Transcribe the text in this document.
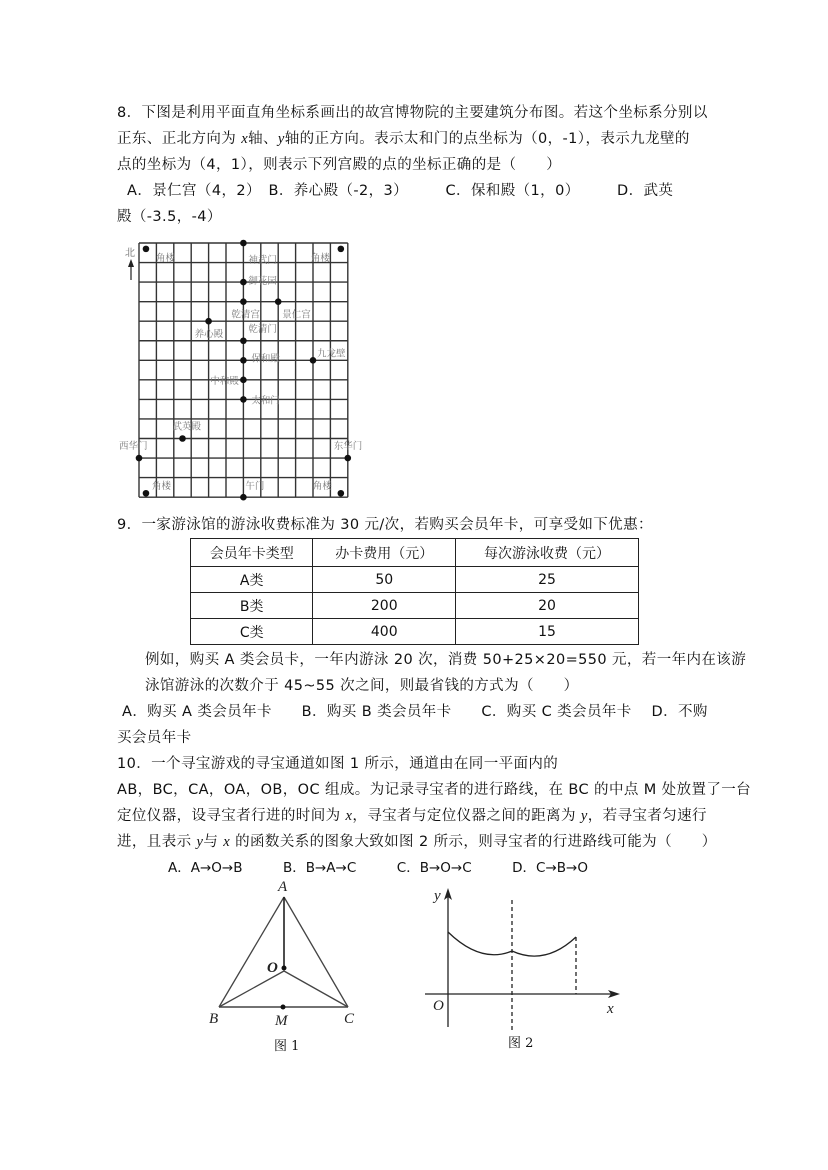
8．下图是利用平面直角坐标系画出的故宫博物院的主要建筑分布图。若这个坐标系分别以
正东、正北方向为 x轴、y轴的正方向。表示太和门的点坐标为（0，-1），表示九龙壁的
点的坐标为（4，1），则表示下列宫殿的点的坐标正确的是（　　）
A．景仁宫（4，2）　B．养心殿（-2，3）　　　C．保和殿（1，0）　　　D．武英
殿（-3.5，-4）
北 角楼	神武门	角楼
御花园
乾清宫 景仁宫
养心殿	乾清门
保和殿	九龙壁
中和殿
太和门
武英殿
西华门	东华门
角楼	午门	角楼
9．一家游泳馆的游泳收费标准为 30 元/次，若购买会员年卡，可享受如下优惠：
会员年卡类型	办卡费用（元）	每次游泳收费（元）
A类	50	25
B类	200	20
C类	400	15
例如，购买 A 类会员卡，一年内游泳 20 次，消费 50+25×20=550 元，若一年内在该游
泳馆游泳的次数介于 45~55 次之间，则最省钱的方式为（　　）
A．购买 A 类会员年卡　　B．购买 B 类会员年卡　　C．购买 C 类会员年卡　 D．不购
买会员年卡
10．一个寻宝游戏的寻宝通道如图 1 所示，通道由在同一平面内的
AB，BC，CA，OA，OB，OC 组成。为记录寻宝者的进行路线，在 BC 的中点 M 处放置了一台
定位仪器，设寻宝者行进的时间为 x，寻宝者与定位仪器之间的距离为 y，若寻宝者匀速行
进，且表示 y与 x 的函数关系的图象大致如图 2 所示，则寻宝者的行进路线可能为（　　）
A．A→O→B	B．B→A→C	C．B→O→C	D．C→B→O
A
O
B	M	C
图 1
y
x
O
图 2
